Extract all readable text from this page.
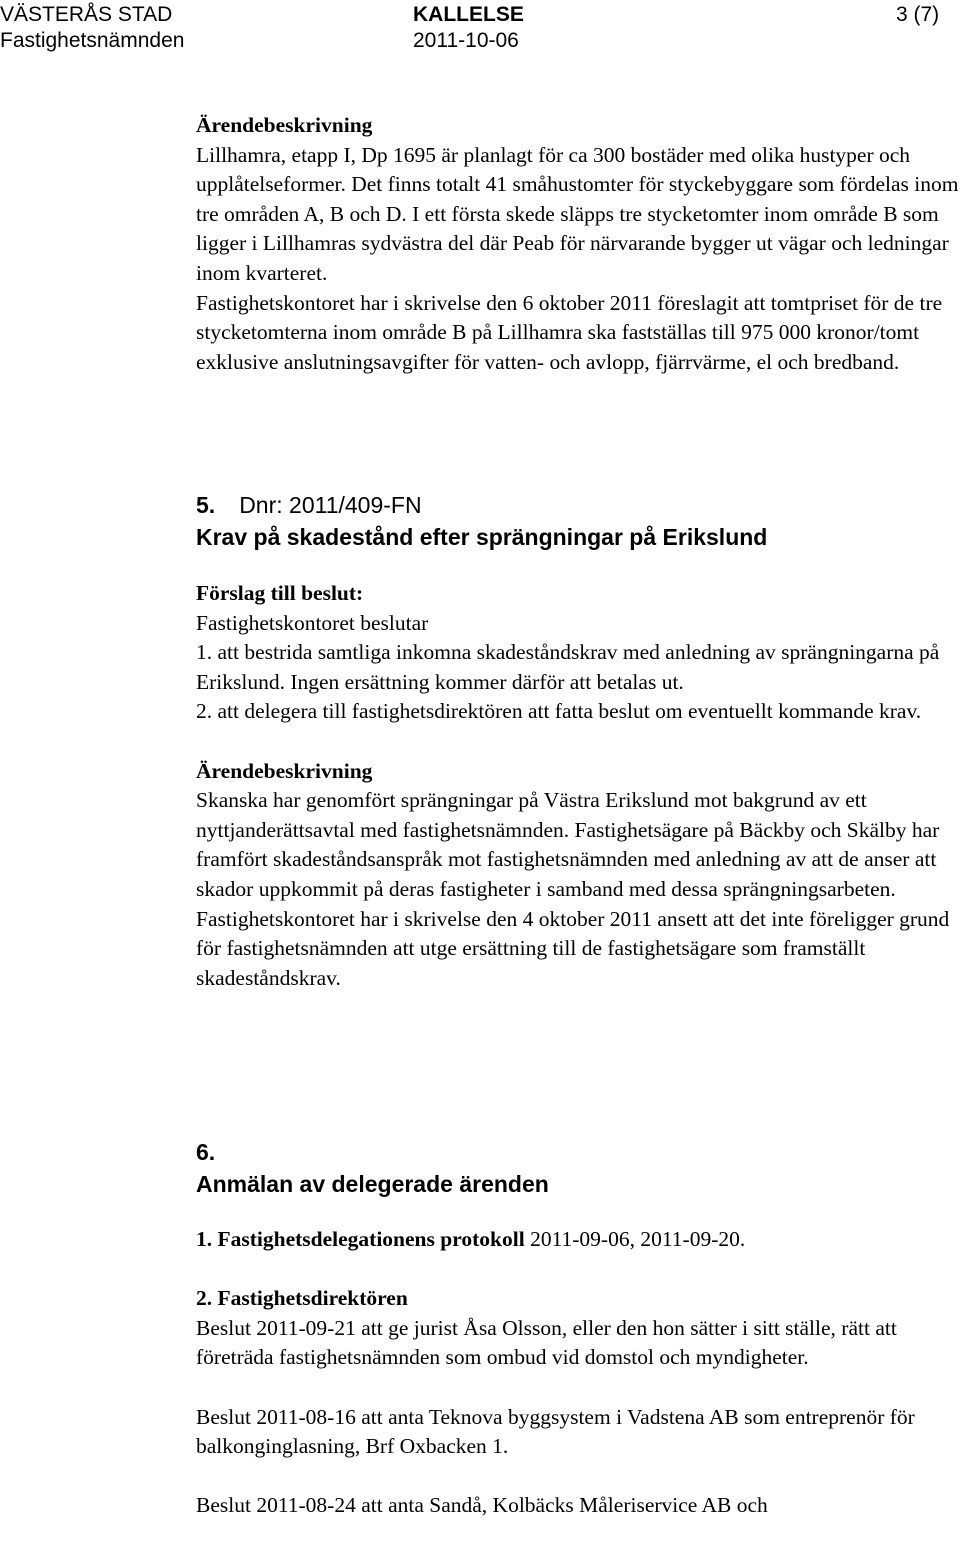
VÄSTERÅS STAD	KALLELSE	3 (7)
Fastighetsnämnden	2011-10-06

Ärendebeskrivning

Lillhamra, etapp I, Dp 1695 är planlagt för ca 300 bostäder med olika hustyper och upplåtelseformer. Det finns totalt 41 småhustomter för styckebyggare som fördelas inom tre områden A, B och D. I ett första skede släpps tre stycketomter inom område B som ligger i Lillhamras sydvästra del där Peab för närvarande bygger ut vägar och ledningar inom kvarteret.

Fastighetskontoret har i skrivelse den 6 oktober 2011 föreslagit att tomtpriset för de tre stycketomterna inom område B på Lillhamra ska fastställas till 975 000 kronor/tomt exklusive anslutningsavgifter för vatten- och avlopp, fjärrvärme, el och bredband.

5. Dnr: 2011/409-FN

Krav på skadestånd efter sprängningar på Erikslund

Förslag till beslut:

Fastighetskontoret beslutar

1. att bestrida samtliga inkomna skadeståndskrav med anledning av sprängningarna på Erikslund. Ingen ersättning kommer därför att betalas ut.

2. att delegera till fastighetsdirektören att fatta beslut om eventuellt kommande krav.

Ärendebeskrivning

Skanska har genomfört sprängningar på Västra Erikslund mot bakgrund av ett nyttjanderättsavtal med fastighetsnämnden. Fastighetsägare på Bäckby och Skälby har framfört skadeståndsanspråk mot fastighetsnämnden med anledning av att de anser att skador uppkommit på deras fastigheter i samband med dessa sprängningsarbeten. Fastighetskontoret har i skrivelse den 4 oktober 2011 ansett att det inte föreligger grund för fastighetsnämnden att utge ersättning till de fastighetsägare som framställt skadeståndskrav.

6.

Anmälan av delegerade ärenden

1. Fastighetsdelegationens protokoll 2011-09-06, 2011-09-20.

2. Fastighetsdirektören

Beslut 2011-09-21 att ge jurist Åsa Olsson, eller den hon sätter i sitt ställe, rätt att företräda fastighetsnämnden som ombud vid domstol och myndigheter.

Beslut 2011-08-16 att anta Teknova byggsystem i Vadstena AB som entreprenör för balkonginglasning, Brf Oxbacken 1.

Beslut 2011-08-24 att anta Sandå, Kolbäcks Måleriservice AB och
